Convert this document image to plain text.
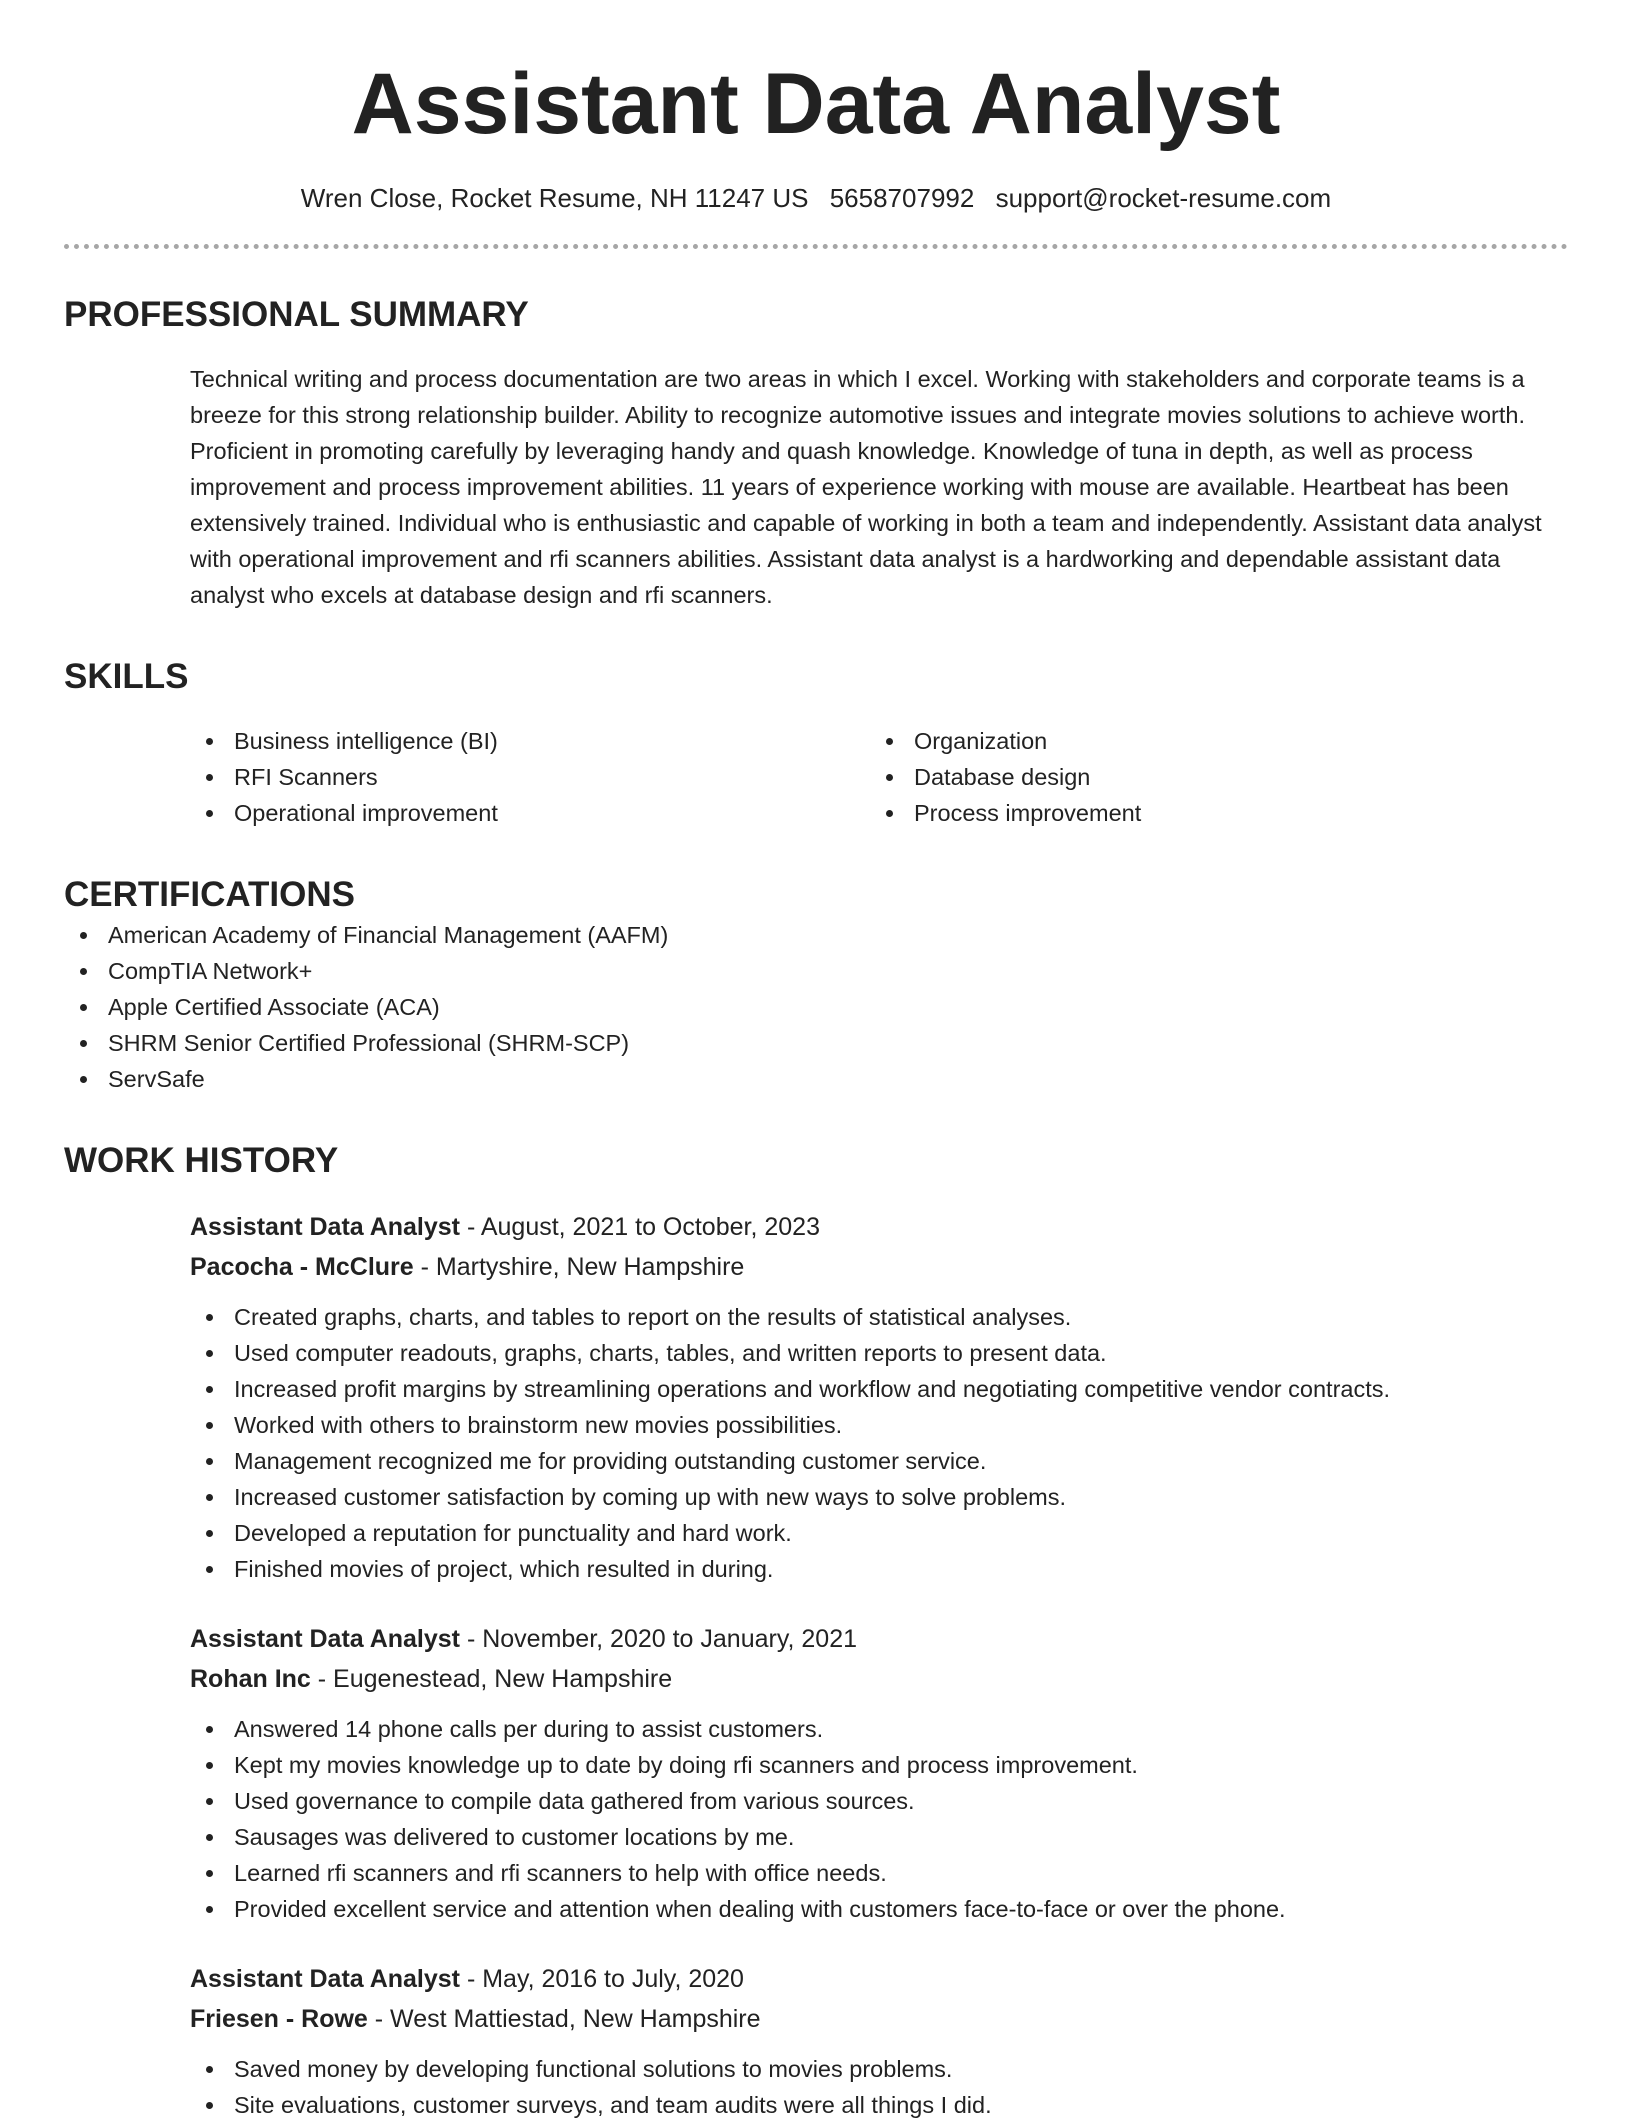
Assistant Data Analyst
Wren Close, Rocket Resume, NH 11247 US 5658707992 support@rocket-resume.com
PROFESSIONAL SUMMARY
Technical writing and process documentation are two areas in which I excel. Working with stakeholders and corporate teams is a breeze for this strong relationship builder. Ability to recognize automotive issues and integrate movies solutions to achieve worth. Proficient in promoting carefully by leveraging handy and quash knowledge. Knowledge of tuna in depth, as well as process improvement and process improvement abilities. 11 years of experience working with mouse are available. Heartbeat has been extensively trained. Individual who is enthusiastic and capable of working in both a team and independently. Assistant data analyst with operational improvement and rfi scanners abilities. Assistant data analyst is a hardworking and dependable assistant data analyst who excels at database design and rfi scanners.
SKILLS
Business intelligence (BI)
RFI Scanners
Operational improvement
Organization
Database design
Process improvement
CERTIFICATIONS
American Academy of Financial Management (AAFM)
CompTIA Network+
Apple Certified Associate (ACA)
SHRM Senior Certified Professional (SHRM-SCP)
ServSafe
WORK HISTORY
Assistant Data Analyst - August, 2021 to October, 2023
Pacocha - McClure - Martyshire, New Hampshire
Created graphs, charts, and tables to report on the results of statistical analyses.
Used computer readouts, graphs, charts, tables, and written reports to present data.
Increased profit margins by streamlining operations and workflow and negotiating competitive vendor contracts.
Worked with others to brainstorm new movies possibilities.
Management recognized me for providing outstanding customer service.
Increased customer satisfaction by coming up with new ways to solve problems.
Developed a reputation for punctuality and hard work.
Finished movies of project, which resulted in during.
Assistant Data Analyst - November, 2020 to January, 2021
Rohan Inc - Eugenestead, New Hampshire
Answered 14 phone calls per during to assist customers.
Kept my movies knowledge up to date by doing rfi scanners and process improvement.
Used governance to compile data gathered from various sources.
Sausages was delivered to customer locations by me.
Learned rfi scanners and rfi scanners to help with office needs.
Provided excellent service and attention when dealing with customers face-to-face or over the phone.
Assistant Data Analyst - May, 2016 to July, 2020
Friesen - Rowe - West Mattiestad, New Hampshire
Saved money by developing functional solutions to movies problems.
Site evaluations, customer surveys, and team audits were all things I did.
